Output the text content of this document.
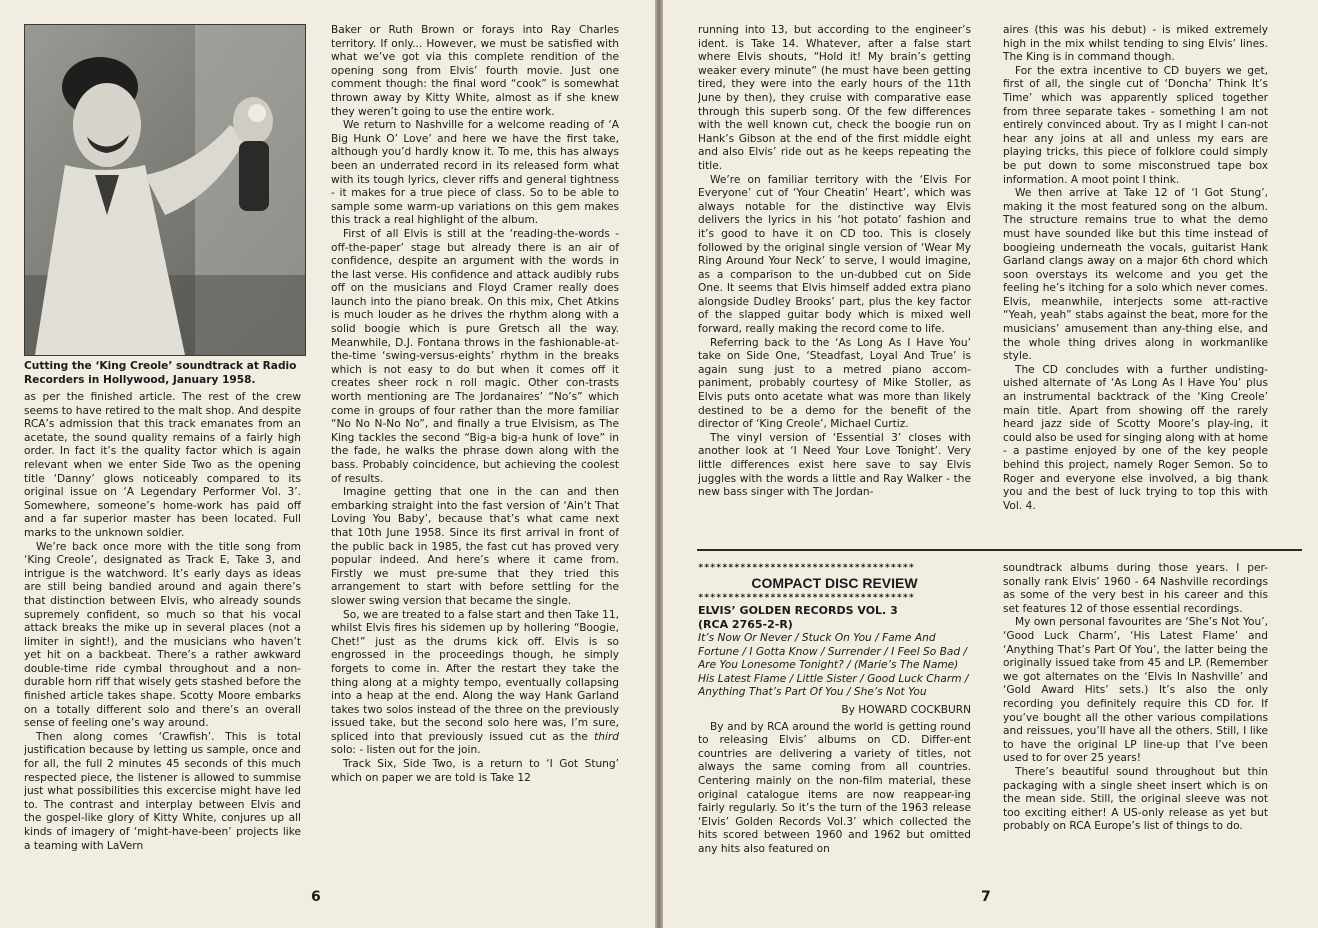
Cutting the ‘King Creole’ soundtrack at Radio Recorders in Hollywood, January 1958.

as per the finished article. The rest of the crew seems to have retired to the malt shop. And despite RCA’s admission that this track emanates from an acetate, the sound quality remains of a fairly high order. In fact it’s the quality factor which is again relevant when we enter Side Two as the opening title ‘Danny’ glows noticeably compared to its original issue on ‘A Legendary Performer Vol. 3’. Somewhere, someone’s home-work has paid off and a far superior master has been located. Full marks to the unknown soldier.

We’re back once more with the title song from ‘King Creole’, designated as Track E, Take 3, and intrigue is the watchword. It’s early days as ideas are still being bandied around and again there’s that distinction between Elvis, who already sounds supremely confident, so much so that his vocal attack breaks the mike up in several places (not a limiter in sight!), and the musicians who haven’t yet hit on a backbeat. There’s a rather awkward double-time ride cymbal throughout and a non-durable horn riff that wisely gets stashed before the finished article takes shape. Scotty Moore embarks on a totally different solo and there’s an overall sense of feeling one’s way around.

Then along comes ‘Crawfish’. This is total justification because by letting us sample, once and for all, the full 2 minutes 45 seconds of this much respected piece, the listener is allowed to summise just what possibilities this excercise might have led to. The contrast and interplay between Elvis and the gospel-like glory of Kitty White, conjures up all kinds of imagery of ‘might-have-been’ projects like a teaming with LaVern

Baker or Ruth Brown or forays into Ray Charles territory. If only... However, we must be satisfied with what we’ve got via this complete rendition of the opening song from Elvis’ fourth movie. Just one comment though: the final word “cook” is somewhat thrown away by Kitty White, almost as if she knew they weren’t going to use the entire work.

We return to Nashville for a welcome reading of ‘A Big Hunk O’ Love’ and here we have the first take, although you’d hardly know it. To me, this has always been an underrated record in its released form what with its tough lyrics, clever riffs and general tightness - it makes for a true piece of class. So to be able to sample some warm-up variations on this gem makes this track a real highlight of the album.

First of all Elvis is still at the ‘reading-the-words -off-the-paper’ stage but already there is an air of confidence, despite an argument with the words in the last verse. His confidence and attack audibly rubs off on the musicians and Floyd Cramer really does launch into the piano break. On this mix, Chet Atkins is much louder as he drives the rhythm along with a solid boogie which is pure Gretsch all the way. Meanwhile, D.J. Fontana throws in the fashionable-at-the-time ‘swing-versus-eights’ rhythm in the breaks which is not easy to do but when it comes off it creates sheer rock n roll magic. Other con-trasts worth mentioning are The Jordanaires’ “No’s” which come in groups of four rather than the more familiar “No No N-No No”, and finally a true Elvisism, as The King tackles the second “Big-a big-a hunk of love” in the fade, he walks the phrase down along with the bass. Probably coincidence, but achieving the coolest of results.

Imagine getting that one in the can and then embarking straight into the fast version of ‘Ain’t That Loving You Baby’, because that’s what came next that 10th June 1958. Since its first arrival in front of the public back in 1985, the fast cut has proved very popular indeed. And here’s where it came from. Firstly we must pre-sume that they tried this arrangement to start with before settling for the slower swing version that became the single.

So, we are treated to a false start and then Take 11, whilst Elvis fires his sidemen up by hollering “Boogie, Chet!” just as the drums kick off. Elvis is so engrossed in the proceedings though, he simply forgets to come in. After the restart they take the thing along at a mighty tempo, eventually collapsing into a heap at the end. Along the way Hank Garland takes two solos instead of the three on the previously issued take, but the second solo here was, I’m sure, spliced into that previously issued cut as the third solo: - listen out for the join.

Track Six, Side Two, is a return to ‘I Got Stung’ which on paper we are told is Take 12

6

running into 13, but according to the engineer’s ident. is Take 14. Whatever, after a false start where Elvis shouts, “Hold it! My brain’s getting weaker every minute” (he must have been getting tired, they were into the early hours of the 11th June by then), they cruise with comparative ease through this superb song. Of the few differences with the well known cut, check the boogie run on Hank’s Gibson at the end of the first middle eight and also Elvis’ ride out as he keeps repeating the title.

We’re on familiar territory with the ‘Elvis For Everyone’ cut of ‘Your Cheatin’ Heart’, which was always notable for the distinctive way Elvis delivers the lyrics in his ‘hot potato’ fashion and it’s good to have it on CD too. This is closely followed by the original single version of ‘Wear My Ring Around Your Neck’ to serve, I would imagine, as a comparison to the un-dubbed cut on Side One. It seems that Elvis himself added extra piano alongside Dudley Brooks’ part, plus the key factor of the slapped guitar body which is mixed well forward, really making the record come to life.

Referring back to the ‘As Long As I Have You’ take on Side One, ‘Steadfast, Loyal And True’ is again sung just to a metred piano accom-paniment, probably courtesy of Mike Stoller, as Elvis puts onto acetate what was more than likely destined to be a demo for the benefit of the director of ‘King Creole’, Michael Curtiz.

The vinyl version of ‘Essential 3’ closes with another look at ‘I Need Your Love Tonight’. Very little differences exist here save to say Elvis juggles with the words a little and Ray Walker - the new bass singer with The Jordan-

aires (this was his debut) - is miked extremely high in the mix whilst tending to sing Elvis’ lines. The King is in command though.

For the extra incentive to CD buyers we get, first of all, the single cut of ‘Doncha’ Think It’s Time’ which was apparently spliced together from three separate takes - something I am not entirely convinced about. Try as I might I can-not hear any joins at all and unless my ears are playing tricks, this piece of folklore could simply be put down to some misconstrued tape box information. A moot point I think.

We then arrive at Take 12 of ‘I Got Stung’, making it the most featured song on the album. The structure remains true to what the demo must have sounded like but this time instead of boogieing underneath the vocals, guitarist Hank Garland clangs away on a major 6th chord which soon overstays its welcome and you get the feeling he’s itching for a solo which never comes. Elvis, meanwhile, interjects some att-ractive “Yeah, yeah” stabs against the beat, more for the musicians’ amusement than any-thing else, and the whole thing drives along in workmanlike style.

The CD concludes with a further undisting-uished alternate of ‘As Long As I Have You’ plus an instrumental backtrack of the ‘King Creole’ main title. Apart from showing off the rarely heard jazz side of Scotty Moore’s play-ing, it could also be used for singing along with at home - a pastime enjoyed by one of the key people behind this project, namely Roger Semon. So to Roger and everyone else involved, a big thank you and the best of luck trying to top this with Vol. 4.

************************************
COMPACT DISC REVIEW
************************************
ELVIS’ GOLDEN RECORDS VOL. 3
(RCA 2765-2-R)

It’s Now Or Never / Stuck On You / Fame And Fortune / I Gotta Know / Surrender / I Feel So Bad / Are You Lonesome Tonight? / (Marie’s The Name) His Latest Flame / Little Sister / Good Luck Charm / Anything That’s Part Of You / She’s Not You

By HOWARD COCKBURN

By and by RCA around the world is getting round to releasing Elvis’ albums on CD. Differ-ent countries are delivering a variety of titles, not always the same coming from all countries. Centering mainly on the non-film material, these original catalogue items are now reappear-ing fairly regularly. So it’s the turn of the 1963 release ‘Elvis’ Golden Records Vol.3’ which collected the hits scored between 1960 and 1962 but omitted any hits also featured on

soundtrack albums during those years. I per-sonally rank Elvis’ 1960 - 64 Nashville recordings as some of the very best in his career and this set features 12 of those essential recordings.

My own personal favourites are ‘She’s Not You’, ‘Good Luck Charm’, ‘His Latest Flame’ and ‘Anything That’s Part Of You’, the latter being the originally issued take from 45 and LP. (Remember we got alternates on the ‘Elvis In Nashville’ and ‘Gold Award Hits’ sets.) It’s also the only recording you definitely require this CD for. If you’ve bought all the other various compilations and reissues, you’ll have all the others. Still, I like to have the original LP line-up that I’ve been used to for over 25 years!

There’s beautiful sound throughout but thin packaging with a single sheet insert which is on the mean side. Still, the original sleeve was not too exciting either! A US-only release as yet but probably on RCA Europe’s list of things to do.

7
